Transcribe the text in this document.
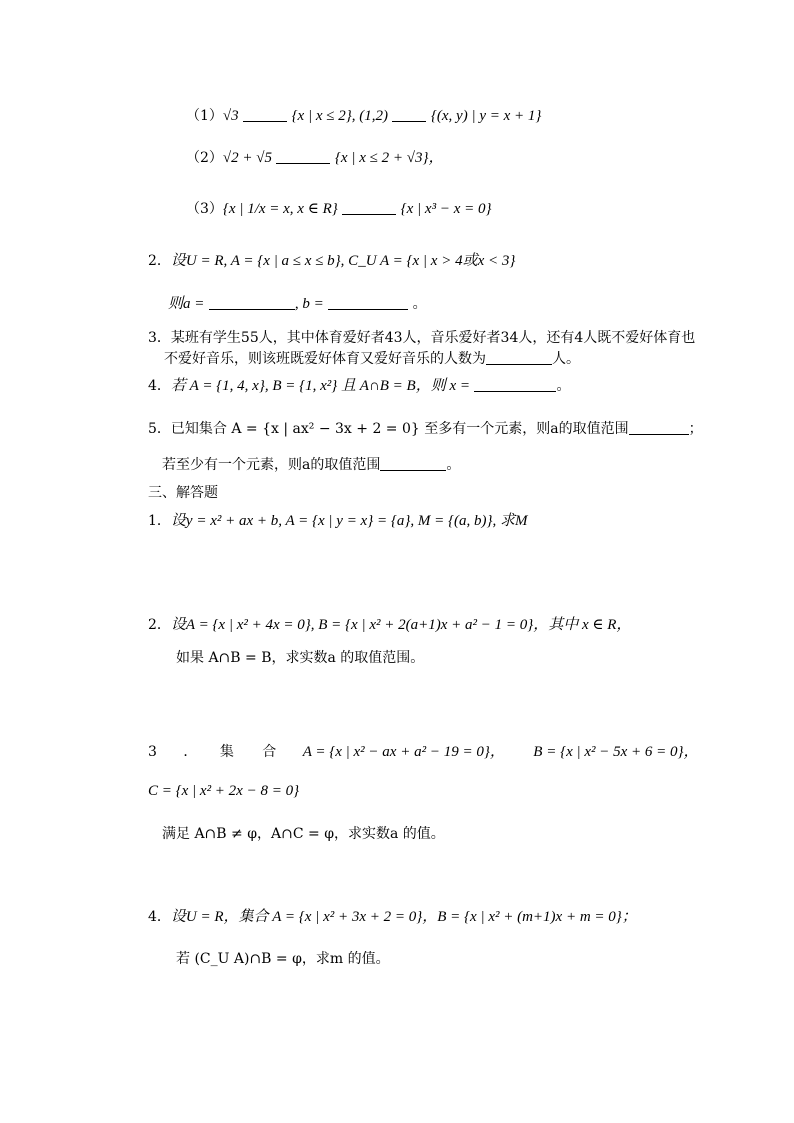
（1）√3	{x | x ≤ 2}, (1,2)	{(x, y) | y = x + 1}
（2）√2 + √5	{x | x ≤ 2 + √3}，
（3）{x | 1/x = x, x ∈ R}	{x | x³ − x = 0}
2．设U = R, A = {x | a ≤ x ≤ b}, C_U A = {x | x > 4或x < 3}
则a =	, b =	。
3．某班有学生55人，其中体育爱好者43人，音乐爱好者34人，还有4人既不爱好体育也
不爱好音乐，则该班既爱好体育又爱好音乐的人数为	人。
4．若 A = {1, 4, x}, B = {1, x²} 且 A∩B = B，则 x =	。
5．已知集合 A = {x | ax² − 3x + 2 = 0} 至多有一个元素，则a的取值范围	；
若至少有一个元素，则a的取值范围	。
三、解答题
1．设y = x² + ax + b, A = {x | y = x} = {a}, M = {(a, b)}, 求M
2．设A = {x | x² + 4x = 0}, B = {x | x² + 2(a+1)x + a² − 1 = 0}，其中 x ∈ R，
如果 A∩B = B，求实数a 的取值范围。
3 ． 集 合 A = {x | x² − ax + a² − 19 = 0}， B = {x | x² − 5x + 6 = 0}，
C = {x | x² + 2x − 8 = 0}
满足 A∩B ≠ φ，A∩C = φ，求实数a 的值。
4．设U = R，集合 A = {x | x² + 3x + 2 = 0}，B = {x | x² + (m+1)x + m = 0}；
若 (C_U A)∩B = φ，求m 的值。
